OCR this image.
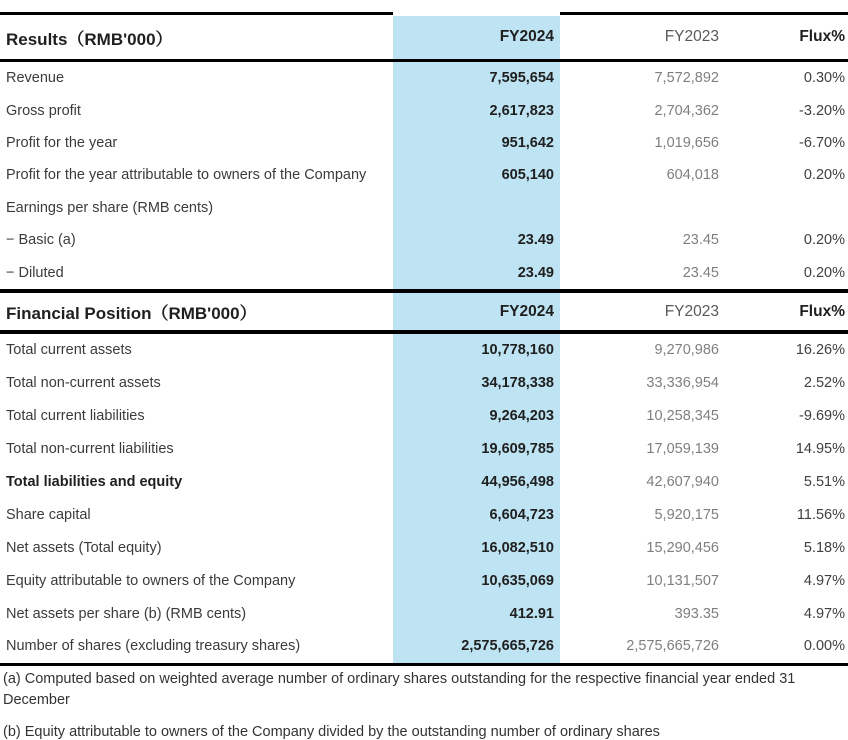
Results（RMB'000）	FY2024	FY2023	Flux%
Revenue	7,595,654	7,572,892	0.30%
Gross profit	2,617,823	2,704,362	-3.20%
Profit for the year	951,642	1,019,656	-6.70%
Profit for the year attributable to owners of the Company	605,140	604,018	0.20%
Earnings per share (RMB cents)
− Basic (a)	23.49	23.45	0.20%
− Diluted	23.49	23.45	0.20%
Financial Position（RMB'000）	FY2024	FY2023	Flux%
Total current assets	10,778,160	9,270,986	16.26%
Total non-current assets	34,178,338	33,336,954	2.52%
Total current liabilities	9,264,203	10,258,345	-9.69%
Total non-current liabilities	19,609,785	17,059,139	14.95%
Total liabilities and equity	44,956,498	42,607,940	5.51%
Share capital	6,604,723	5,920,175	11.56%
Net assets (Total equity)	16,082,510	15,290,456	5.18%
Equity attributable to owners of the Company	10,635,069	10,131,507	4.97%
Net assets per share (b) (RMB cents)	412.91	393.35	4.97%
Number of shares (excluding treasury shares)	2,575,665,726	2,575,665,726	0.00%

(a) Computed based on weighted average number of ordinary shares outstanding for the respective financial year ended 31 December

(b) Equity attributable to owners of the Company divided by the outstanding number of ordinary shares
